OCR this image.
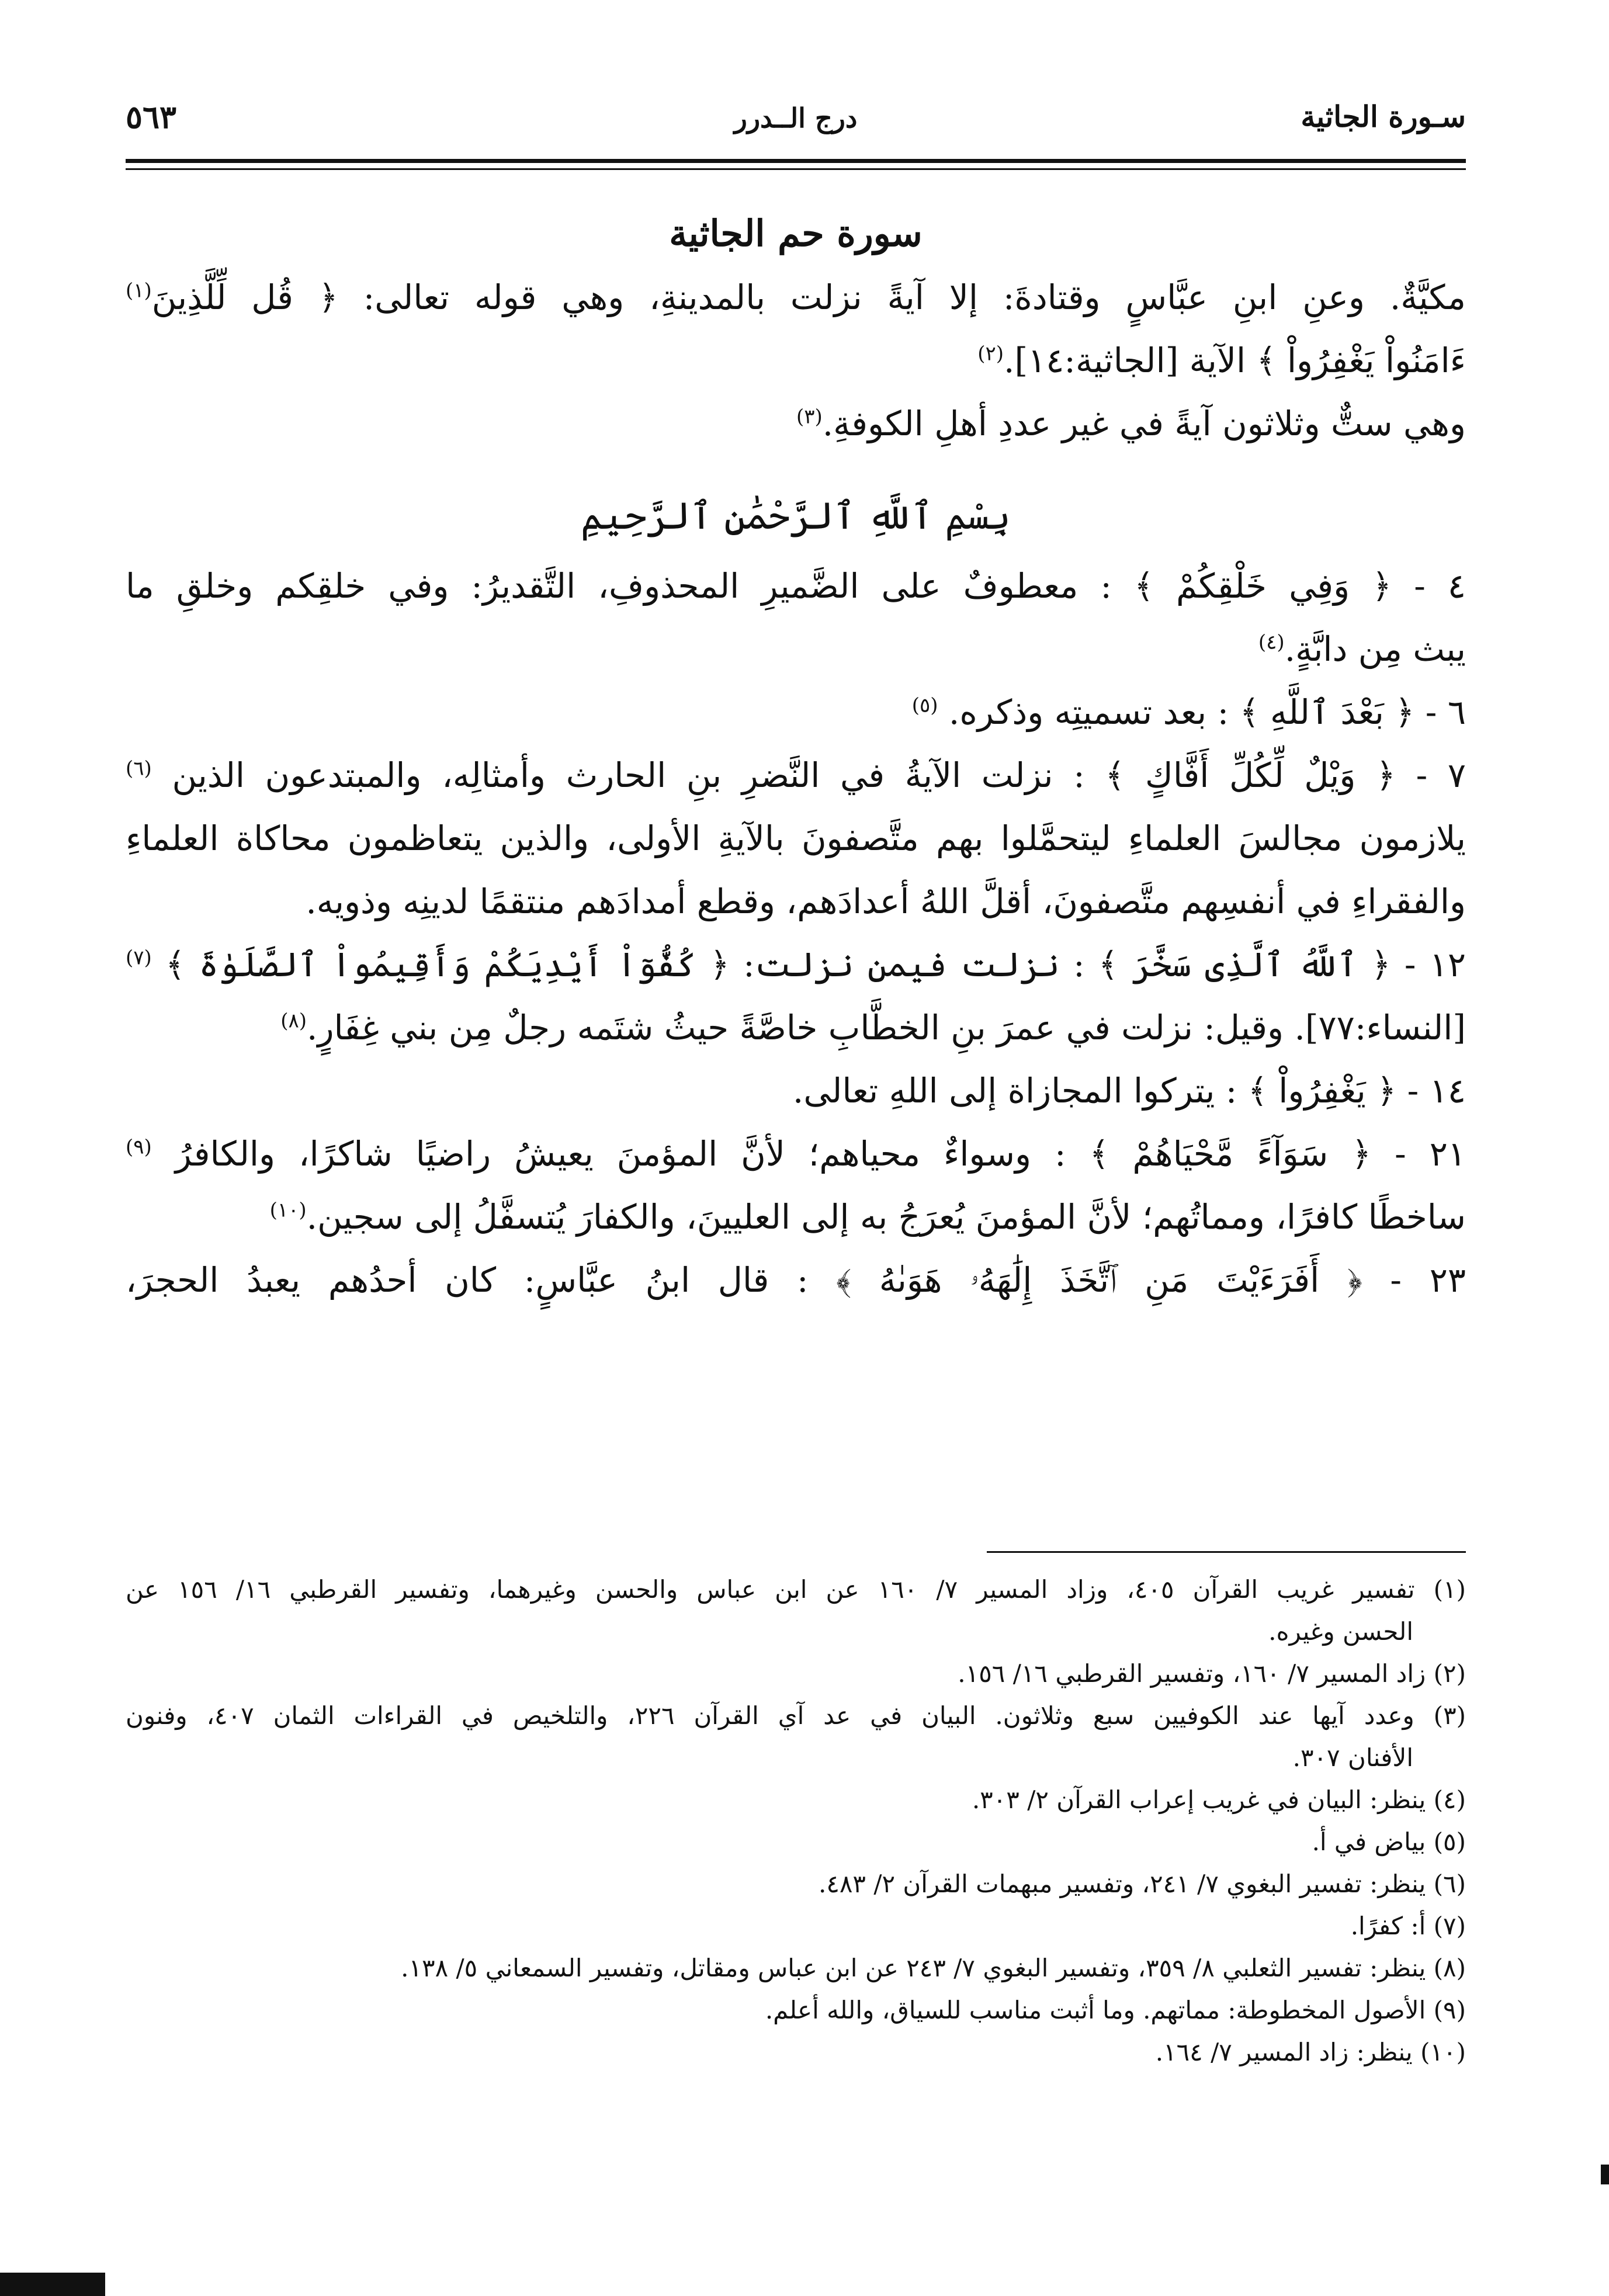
سـورة الجاثية
درج الــدرر
٥٦٣
سورة حم الجاثية
مكيَّةٌ. وعنِ ابنِ عبَّاسٍ وقتادةَ: إلا آيةً نزلت بالمدينةِ، وهي قوله تعالى: ﴿ قُل لِّلَّذِينَ$^{(١)}$
ءَامَنُواْ يَغْفِرُواْ ﴾ الآية [الجاثية:١٤].$^{(٢)}$
وهي ستٌّ وثلاثون آيةً في غير عددِ أهلِ الكوفةِ.$^{(٣)}$
بِسْمِ ٱللَّهِ ٱلرَّحْمَٰنِ ٱلرَّحِيمِ
٤ - ﴿ وَفِي خَلْقِكُمْ ﴾ : معطوفٌ على الضَّميرِ المحذوفِ، التَّقديرُ: وفي خلقِكم وخلقِ ما
يبث مِن دابَّةٍ.$^{(٤)}$
٦ - ﴿ بَعْدَ ٱللَّهِ ﴾ : بعد تسميتِه وذكره. $^{(٥)}$
٧ - ﴿ وَيْلٌ لِّكُلِّ أَفَّاكٍ ﴾ : نزلت الآيةُ في النَّضرِ بنِ الحارث وأمثالِه، والمبتدعون الذين $^{(٦)}$
يلازمون مجالسَ العلماءِ ليتحمَّلوا بهم متَّصفونَ بالآيةِ الأولى، والذين يتعاظمون محاكاة العلماءِ
والفقراءِ في أنفسِهم متَّصفونَ، أقلَّ اللهُ أعدادَهم، وقطع أمدادَهم منتقمًا لدينِه وذويه.
١٢ - ﴿ ٱللَّهُ ٱلَّذِى سَخَّرَ ﴾ : نزلت فيمن نزلت: ﴿ كُفُّوٓاْ أَيْدِيَكُمْ وَأَقِيمُواْ ٱلصَّلَوٰةَ ﴾ $^{(٧)}$
[النساء:٧٧]. وقيل: نزلت في عمرَ بنِ الخطَّابِ خاصَّةً حيثُ شتَمه رجلٌ مِن بني غِفَارٍ.$^{(٨)}$
١٤ - ﴿ يَغْفِرُواْ ﴾ : يتركوا المجازاة إلى اللهِ تعالى.
٢١ - ﴿ سَوَآءً مَّحْيَاهُمْ ﴾ : وسواءٌ محياهم؛ لأنَّ المؤمنَ يعيشُ راضيًا شاكرًا، والكافرُ $^{(٩)}$
ساخطًا كافرًا، ومماتُهم؛ لأنَّ المؤمنَ يُعرَجُ به إلى العليينَ، والكفارَ يُتسفَّلُ إلى سجين.$^{(١٠)}$
٢٣ - ﴿ أَفَرَءَيْتَ مَنِ ٱتَّخَذَ إِلَٰهَهُۥ هَوَىٰهُ ﴾ : قال ابنُ عبَّاسٍ: كان أحدُهم يعبدُ الحجرَ،
(١) تفسير غريب القرآن ٤٠٥، وزاد المسير ٧/ ١٦٠ عن ابن عباس والحسن وغيرهما، وتفسير القرطبي ١٦/ ١٥٦ عن
الحسن وغيره.
(٢) زاد المسير ٧/ ١٦٠، وتفسير القرطبي ١٦/ ١٥٦.
(٣) وعدد آيها عند الكوفيين سبع وثلاثون. البيان في عد آي القرآن ٢٢٦، والتلخيص في القراءات الثمان ٤٠٧، وفنون
الأفنان ٣٠٧.
(٤) ينظر: البيان في غريب إعراب القرآن ٢/ ٣٠٣.
(٥) بياض في أ.
(٦) ينظر: تفسير البغوي ٧/ ٢٤١، وتفسير مبهمات القرآن ٢/ ٤٨٣.
(٧) أ: كفرًا.
(٨) ينظر: تفسير الثعلبي ٨/ ٣٥٩، وتفسير البغوي ٧/ ٢٤٣ عن ابن عباس ومقاتل، وتفسير السمعاني ٥/ ١٣٨.
(٩) الأصول المخطوطة: مماتهم. وما أثبت مناسب للسياق، والله أعلم.
(١٠) ينظر: زاد المسير ٧/ ١٦٤.
